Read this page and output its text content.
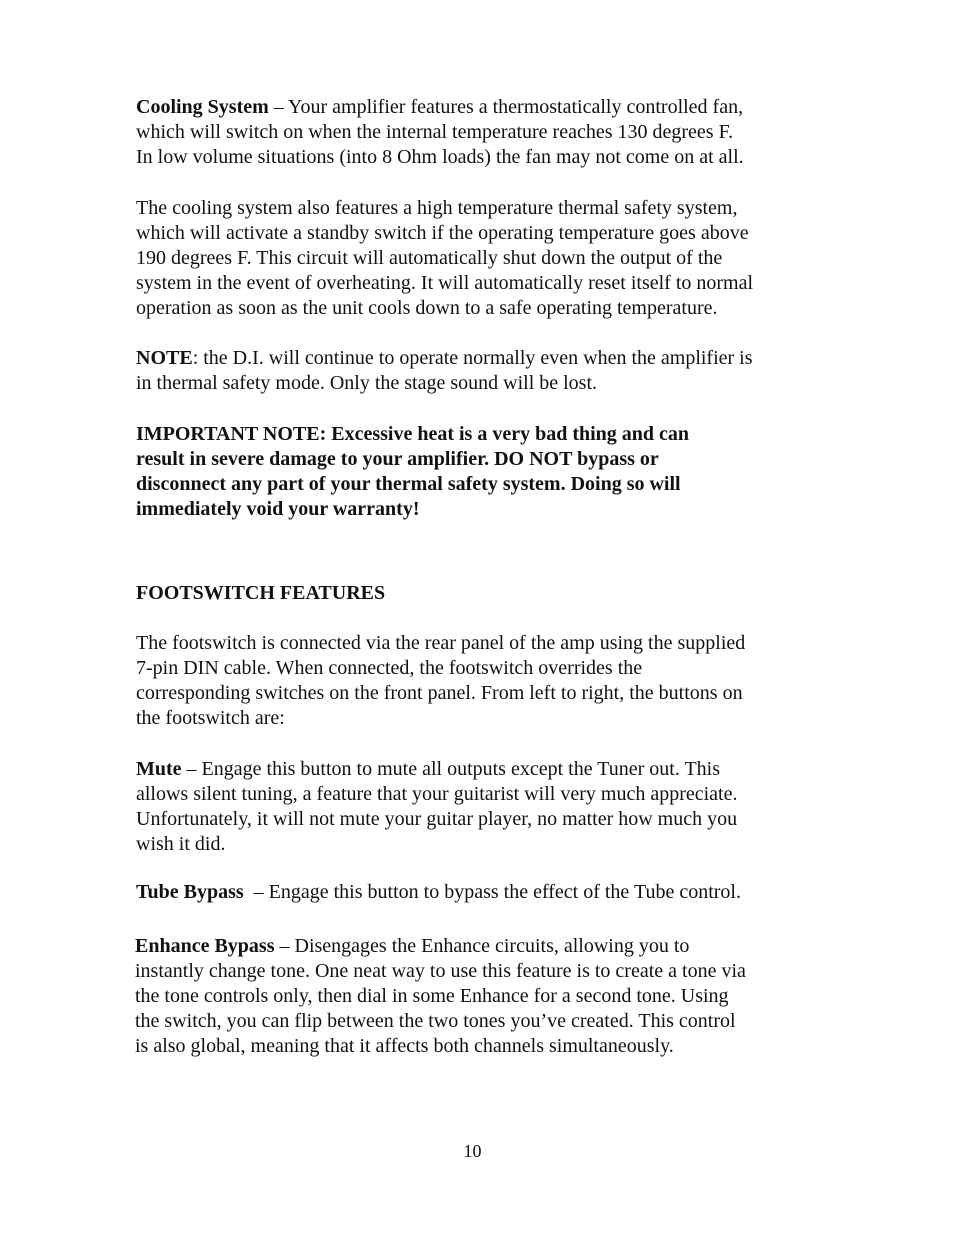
Cooling System – Your amplifier features a thermostatically controlled fan,
which will switch on when the internal temperature reaches 130 degrees F.
In low volume situations (into 8 Ohm loads) the fan may not come on at all.

The cooling system also features a high temperature thermal safety system,
which will activate a standby switch if the operating temperature goes above
190 degrees F. This circuit will automatically shut down the output of the
system in the event of overheating. It will automatically reset itself to normal
operation as soon as the unit cools down to a safe operating temperature.

NOTE: the D.I. will continue to operate normally even when the amplifier is
in thermal safety mode. Only the stage sound will be lost.

IMPORTANT NOTE: Excessive heat is a very bad thing and can
result in severe damage to your amplifier. DO NOT bypass or
disconnect any part of your thermal safety system. Doing so will
immediately void your warranty!

FOOTSWITCH FEATURES

The footswitch is connected via the rear panel of the amp using the supplied
7-pin DIN cable. When connected, the footswitch overrides the
corresponding switches on the front panel. From left to right, the buttons on
the footswitch are:

Mute – Engage this button to mute all outputs except the Tuner out. This
allows silent tuning, a feature that your guitarist will very much appreciate.
Unfortunately, it will not mute your guitar player, no matter how much you
wish it did.

Tube Bypass  – Engage this button to bypass the effect of the Tube control.

Enhance Bypass – Disengages the Enhance circuits, allowing you to
instantly change tone. One neat way to use this feature is to create a tone via
the tone controls only, then dial in some Enhance for a second tone. Using
the switch, you can flip between the two tones you’ve created. This control
is also global, meaning that it affects both channels simultaneously.

10
